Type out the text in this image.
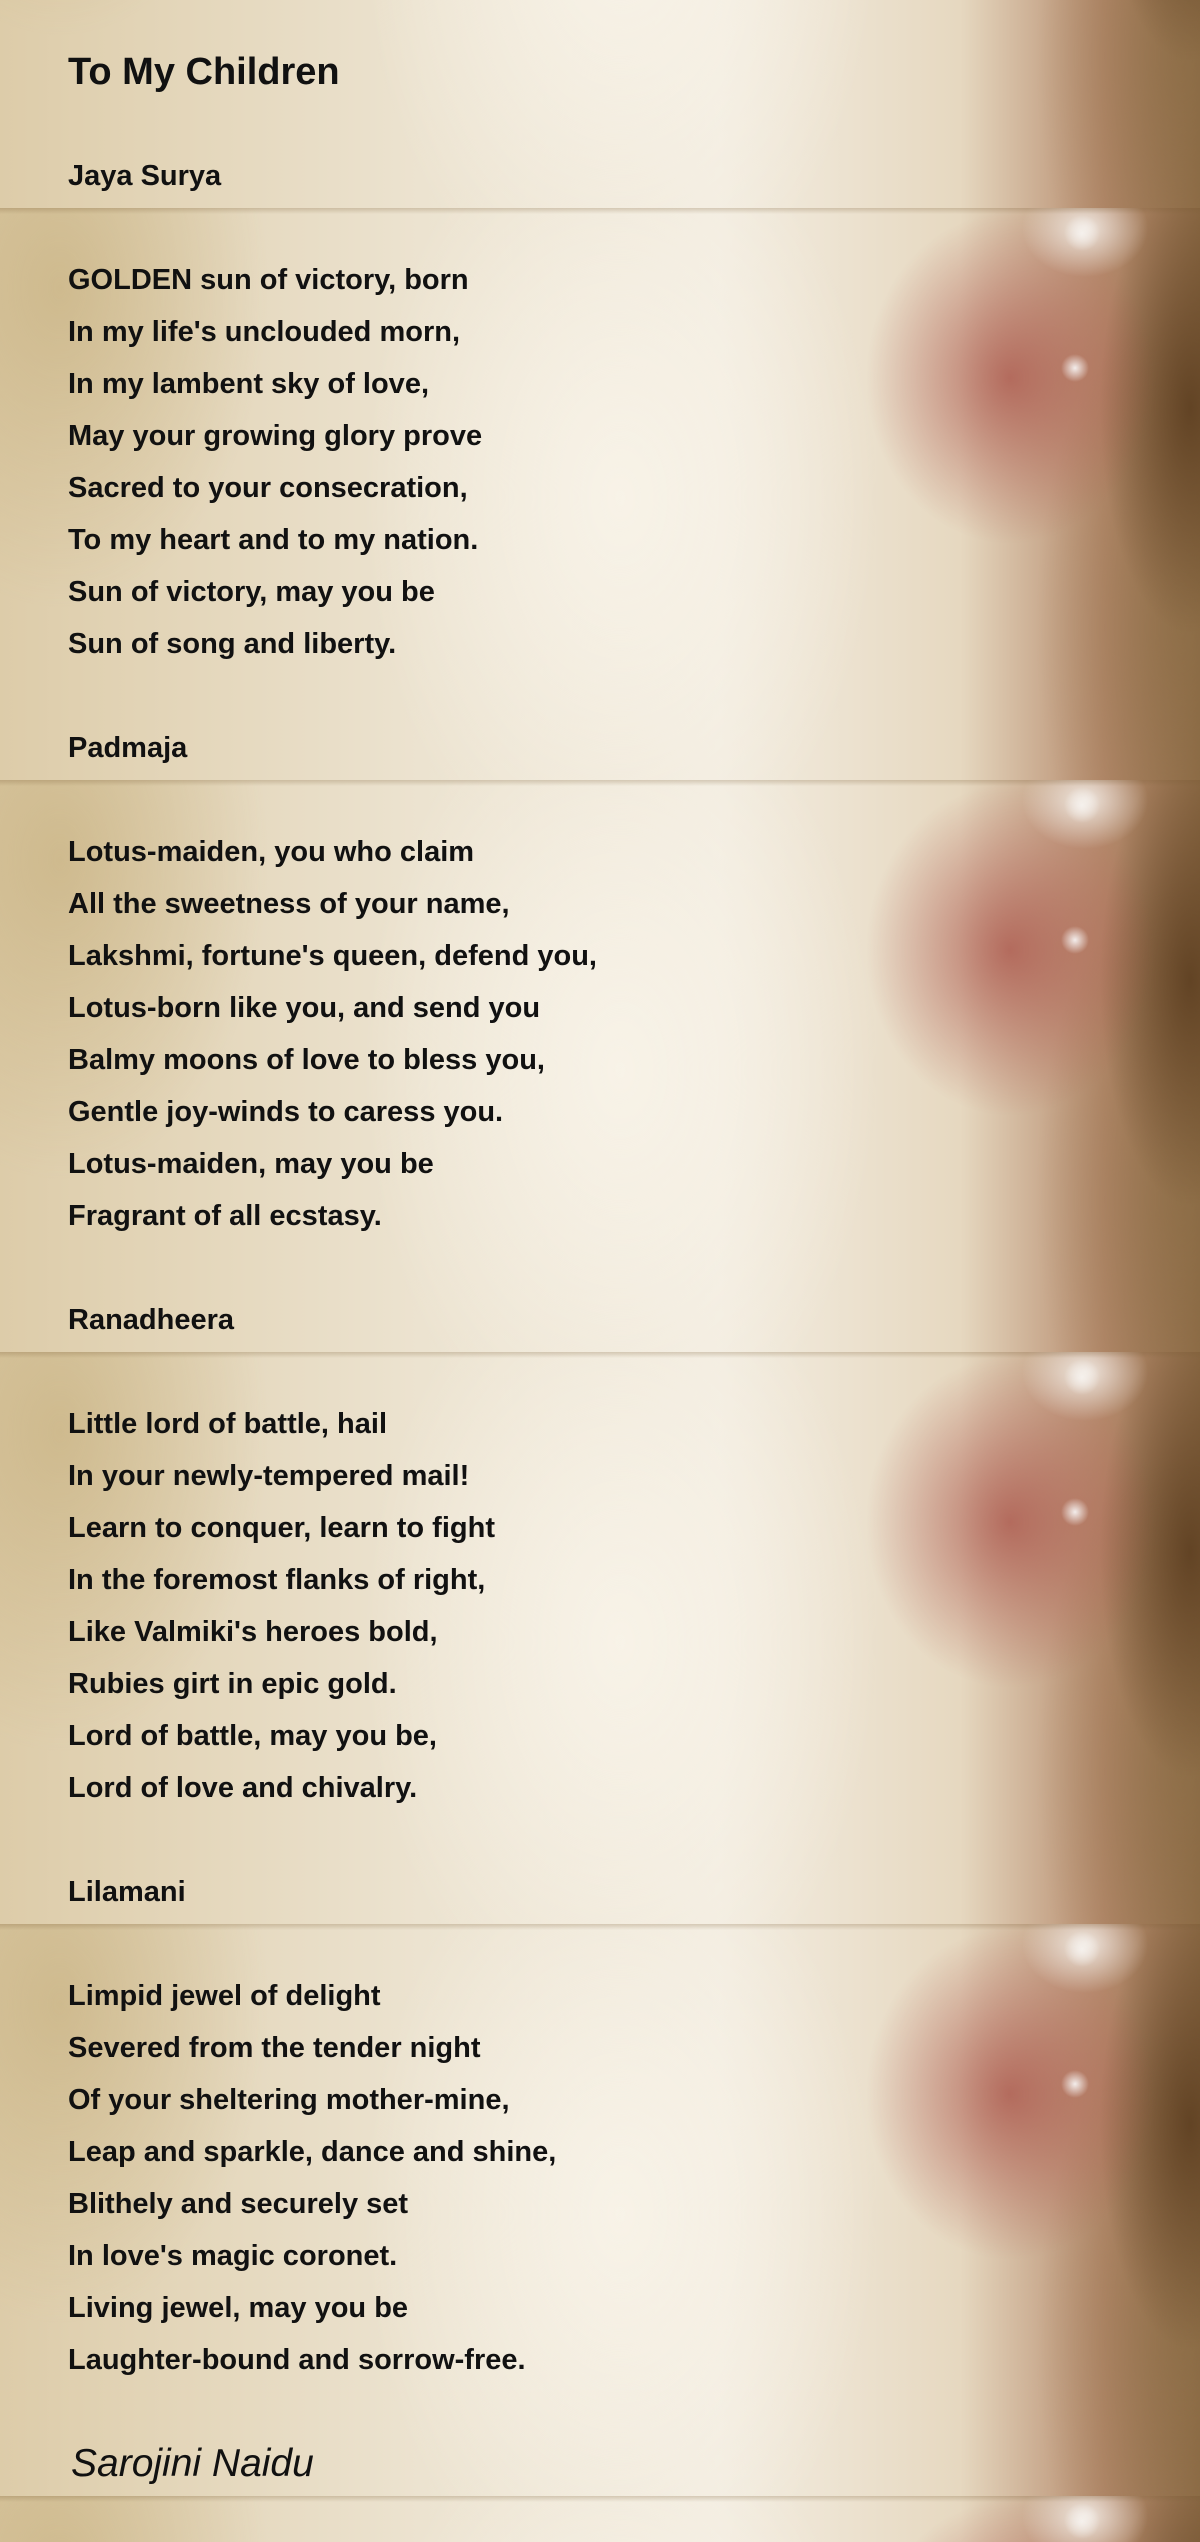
To My Children
Jaya Surya
GOLDEN sun of victory, born
In my life's unclouded morn,
In my lambent sky of love,
May your growing glory prove
Sacred to your consecration,
To my heart and to my nation.
Sun of victory, may you be
Sun of song and liberty.
Padmaja
Lotus-maiden, you who claim
All the sweetness of your name,
Lakshmi, fortune's queen, defend you,
Lotus-born like you, and send you
Balmy moons of love to bless you,
Gentle joy-winds to caress you.
Lotus-maiden, may you be
Fragrant of all ecstasy.
Ranadheera
Little lord of battle, hail
In your newly-tempered mail!
Learn to conquer, learn to fight
In the foremost flanks of right,
Like Valmiki's heroes bold,
Rubies girt in epic gold.
Lord of battle, may you be,
Lord of love and chivalry.
Lilamani
Limpid jewel of delight
Severed from the tender night
Of your sheltering mother-mine,
Leap and sparkle, dance and shine,
Blithely and securely set
In love's magic coronet.
Living jewel, may you be
Laughter-bound and sorrow-free.
Sarojini Naidu
